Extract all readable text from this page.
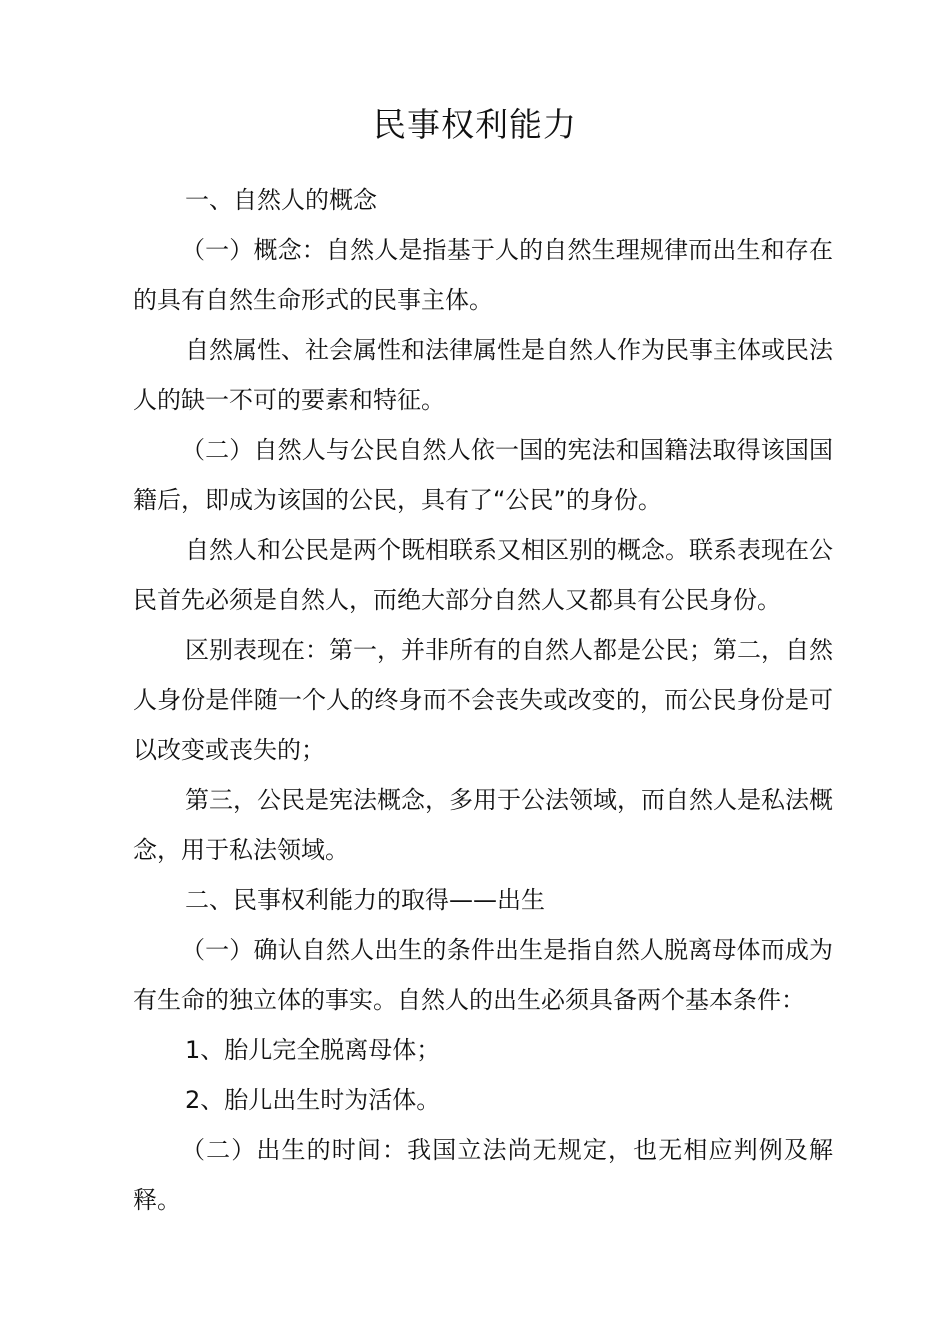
民事权利能力

一、自然人的概念

（一）概念：自然人是指基于人的自然生理规律而出生和存在的具有自然生命形式的民事主体。

自然属性、社会属性和法律属性是自然人作为民事主体或民法人的缺一不可的要素和特征。

（二）自然人与公民自然人依一国的宪法和国籍法取得该国国籍后，即成为该国的公民，具有了“公民”的身份。

自然人和公民是两个既相联系又相区别的概念。联系表现在公民首先必须是自然人，而绝大部分自然人又都具有公民身份。

区别表现在：第一，并非所有的自然人都是公民；第二，自然人身份是伴随一个人的终身而不会丧失或改变的，而公民身份是可以改变或丧失的；

第三，公民是宪法概念，多用于公法领域，而自然人是私法概念，用于私法领域。

二、民事权利能力的取得——出生

（一）确认自然人出生的条件出生是指自然人脱离母体而成为有生命的独立体的事实。自然人的出生必须具备两个基本条件：

1、胎儿完全脱离母体；

2、胎儿出生时为活体。

（二）出生的时间：我国立法尚无规定，也无相应判例及解释。
